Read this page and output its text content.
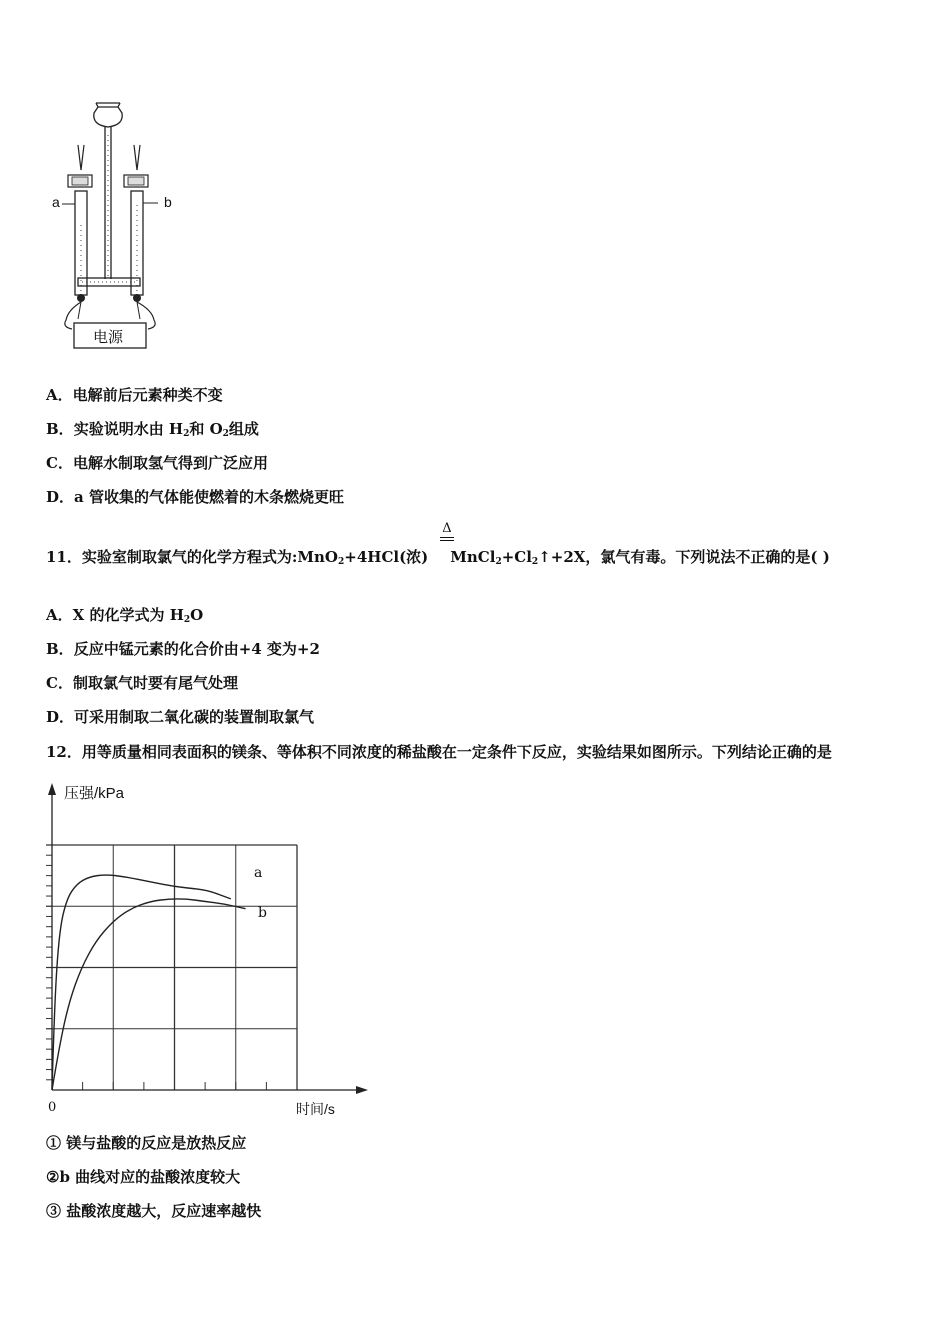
a	b
电源
A．电解前后元素种类不变
B．实验说明水由 $H_2$和 $O_2$组成
C．电解水制取氢气得到广泛应用
D．a 管收集的气体能使燃着的木条燃烧更旺
Δ
11．实验室制取氯气的化学方程式为:MnO$_2$+4HCl(浓) $MnCl_2+Cl_2↑+2X$，氯气有毒。下列说法不正确的是( )
A．X 的化学式为 $H_2O$
B．反应中锰元素的化合价由+4 变为+2
C．制取氯气时要有尾气处理
D．可采用制取二氧化碳的装置制取氯气
12．用等质量相同表面积的镁条、等体积不同浓度的稀盐酸在一定条件下反应，实验结果如图所示。下列结论正确的是
压强/kPa
时间/s
0
a
b
① 镁与盐酸的反应是放热反应
②b 曲线对应的盐酸浓度较大
③ 盐酸浓度越大，反应速率越快
